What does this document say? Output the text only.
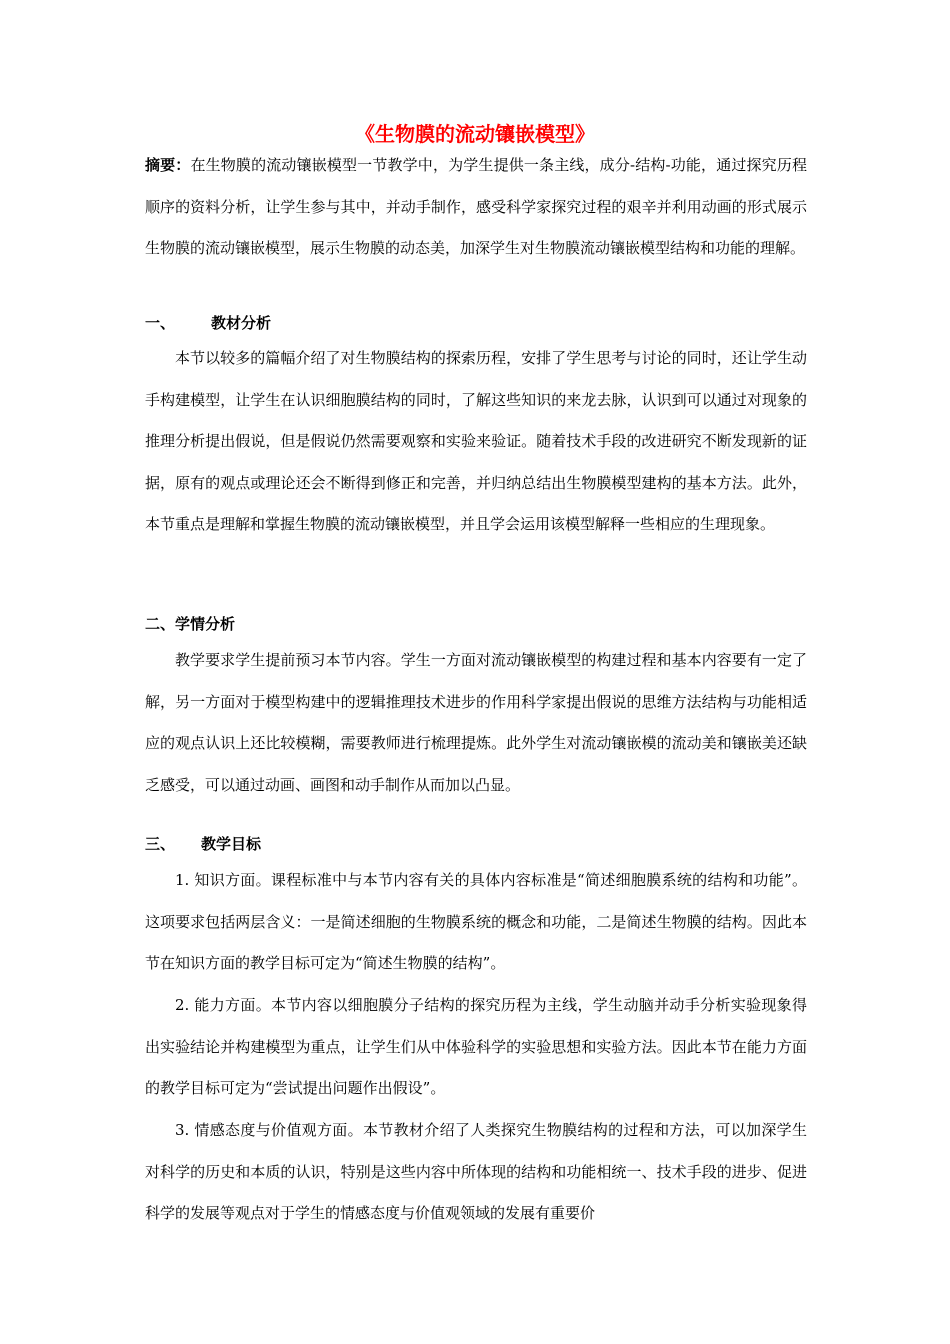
《生物膜的流动镶嵌模型》
摘要：在生物膜的流动镶嵌模型一节教学中，为学生提供一条主线，成分-结构-功能，通过探究历程顺序的资料分析，让学生参与其中，并动手制作，感受科学家探究过程的艰辛并利用动画的形式展示生物膜的流动镶嵌模型，展示生物膜的动态美，加深学生对生物膜流动镶嵌模型结构和功能的理解。
一、 教材分析
本节以较多的篇幅介绍了对生物膜结构的探索历程，安排了学生思考与讨论的同时，还让学生动手构建模型，让学生在认识细胞膜结构的同时，了解这些知识的来龙去脉，认识到可以通过对现象的推理分析提出假说，但是假说仍然需要观察和实验来验证。随着技术手段的改进研究不断发现新的证据，原有的观点或理论还会不断得到修正和完善，并归纳总结出生物膜模型建构的基本方法。此外，本节重点是理解和掌握生物膜的流动镶嵌模型，并且学会运用该模型解释一些相应的生理现象。
二、学情分析
教学要求学生提前预习本节内容。学生一方面对流动镶嵌模型的构建过程和基本内容要有一定了解，另一方面对于模型构建中的逻辑推理技术进步的作用科学家提出假说的思维方法结构与功能相适应的观点认识上还比较模糊，需要教师进行梳理提炼。此外学生对流动镶嵌模的流动美和镶嵌美还缺乏感受，可以通过动画、画图和动手制作从而加以凸显。
三、 教学目标
1. 知识方面。课程标准中与本节内容有关的具体内容标准是“简述细胞膜系统的结构和功能”。这项要求包括两层含义：一是简述细胞的生物膜系统的概念和功能，二是简述生物膜的结构。因此本节在知识方面的教学目标可定为“简述生物膜的结构”。
2. 能力方面。本节内容以细胞膜分子结构的探究历程为主线，学生动脑并动手分析实验现象得出实验结论并构建模型为重点，让学生们从中体验科学的实验思想和实验方法。因此本节在能力方面的教学目标可定为“尝试提出问题作出假设”。
3. 情感态度与价值观方面。本节教材介绍了人类探究生物膜结构的过程和方法，可以加深学生对科学的历史和本质的认识，特别是这些内容中所体现的结构和功能相统一、技术手段的进步、促进科学的发展等观点对于学生的情感态度与价值观领域的发展有重要价
